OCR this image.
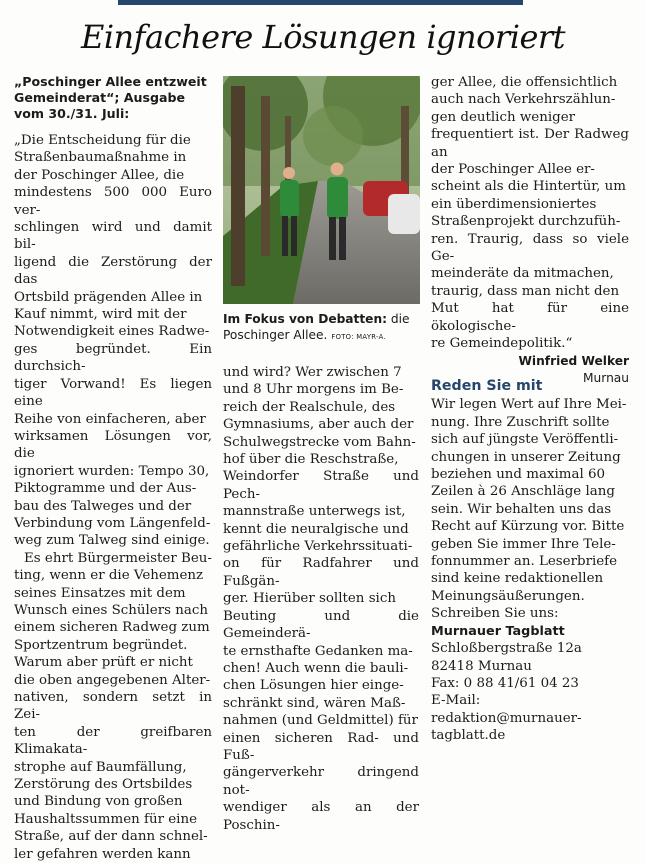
Einfachere Lösungen ignoriert

„Poschinger Allee entzweit
Gemeinderat“; Ausgabe
vom 30./31. Juli:

„Die Entscheidung für die
Straßenbaumaßnahme in
der Poschinger Allee, die
mindestens 500 000 Euro ver-
schlingen wird und damit bil-
ligend die Zerstörung der das
Ortsbild prägenden Allee in
Kauf nimmt, wird mit der
Notwendigkeit eines Radwe-
ges begründet. Ein durchsich-
tiger Vorwand! Es liegen eine
Reihe von einfacheren, aber
wirksamen Lösungen vor, die
ignoriert wurden: Tempo 30,
Piktogramme und der Aus-
bau des Talweges und der
Verbindung vom Längenfeld-
weg zum Talweg sind einige.

Es ehrt Bürgermeister Beu-
ting, wenn er die Vehemenz
seines Einsatzes mit dem
Wunsch eines Schülers nach
einem sicheren Radweg zum
Sportzentrum begründet.
Warum aber prüft er nicht
die oben angegebenen Alter-
nativen, sondern setzt in Zei-
ten der greifbaren Klimakata-
strophe auf Baumfällung,
Zerstörung des Ortsbildes
und Bindung von großen
Haushaltssummen für eine
Straße, auf der dann schnel-
ler gefahren werden kann

Im Fokus von Debatten: die Poschinger Allee. FOTO: MAYR-A.

und wird? Wer zwischen 7
und 8 Uhr morgens im Be-
reich der Realschule, des
Gymnasiums, aber auch der
Schulwegstrecke vom Bahn-
hof über die Reschstraße,
Weindorfer Straße und Pech-
mannstraße unterwegs ist,
kennt die neuralgische und
gefährliche Verkehrssituati-
on für Radfahrer und Fußgän-
ger. Hierüber sollten sich
Beuting und die Gemeinderä-
te ernsthafte Gedanken ma-
chen! Auch wenn die bauli-
chen Lösungen hier einge-
schränkt sind, wären Maß-
nahmen (und Geldmittel) für
einen sicheren Rad- und Fuß-
gängerverkehr dringend not-
wendiger als an der Poschin-

ger Allee, die offensichtlich
auch nach Verkehrszählun-
gen deutlich weniger
frequentiert ist. Der Radweg an
der Poschinger Allee er-
scheint als die Hintertür, um
ein überdimensioniertes
Straßenprojekt durchzufüh-
ren. Traurig, dass so viele Ge-
meinderäte da mitmachen,
traurig, dass man nicht den
Mut hat für eine ökologische-
re Gemeindepolitik.“

Winfried Welker

Murnau

Reden Sie mit

Wir legen Wert auf Ihre Mei-
nung. Ihre Zuschrift sollte
sich auf jüngste Veröffentli-
chungen in unserer Zeitung
beziehen und maximal 60
Zeilen à 26 Anschläge lang
sein. Wir behalten uns das
Recht auf Kürzung vor. Bitte
geben Sie immer Ihre Tele-
fonnummer an. Leserbriefe
sind keine redaktionellen
Meinungsäußerungen.

Schreiben Sie uns:
Murnauer Tagblatt
Schloßbergstraße 12a
82418 Murnau
Fax: 0 88 41/61 04 23
E-Mail:
redaktion@murnauer-
tagblatt.de
